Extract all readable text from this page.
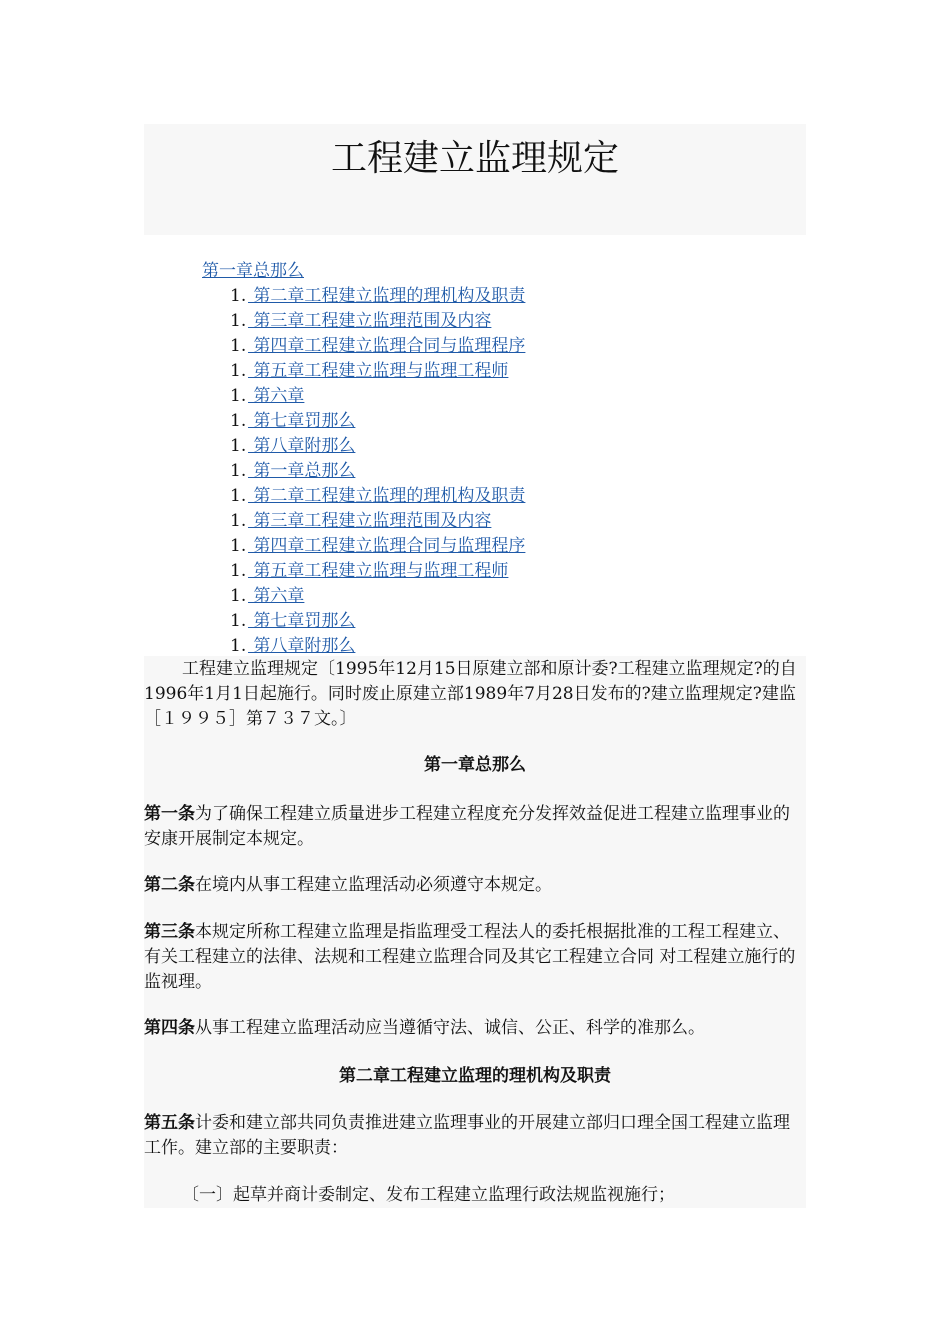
工程建立监理规定
第一章总那么
1. 第二章工程建立监理的理机构及职责
1. 第三章工程建立监理范围及内容
1. 第四章工程建立监理合同与监理程序
1. 第五章工程建立监理与监理工程师
1. 第六章
1. 第七章罚那么
1. 第八章附那么
1. 第一章总那么
1. 第二章工程建立监理的理机构及职责
1. 第三章工程建立监理范围及内容
1. 第四章工程建立监理合同与监理程序
1. 第五章工程建立监理与监理工程师
1. 第六章
1. 第七章罚那么
1. 第八章附那么

工程建立监理规定〔1995年12月15日原建立部和原计委?工程建立监理规定?的自1996年1月1日起施行。同时废止原建立部1989年7月28日发布的?建立监理规定?建监［１９９５］第７３７文。〕

第一章总那么

第一条为了确保工程建立质量进步工程建立程度充分发挥效益促进工程建立监理事业的安康开展制定本规定。

第二条在境内从事工程建立监理活动必须遵守本规定。

第三条本规定所称工程建立监理是指监理受工程法人的委托根据批准的工程工程建立、有关工程建立的法律、法规和工程建立监理合同及其它工程建立合同 对工程建立施行的监视理。

第四条从事工程建立监理活动应当遵循守法、诚信、公正、科学的准那么。

第二章工程建立监理的理机构及职责

第五条计委和建立部共同负责推进建立监理事业的开展建立部归口理全国工程建立监理工作。建立部的主要职责：

〔一〕起草并商计委制定、发布工程建立监理行政法规监视施行；
